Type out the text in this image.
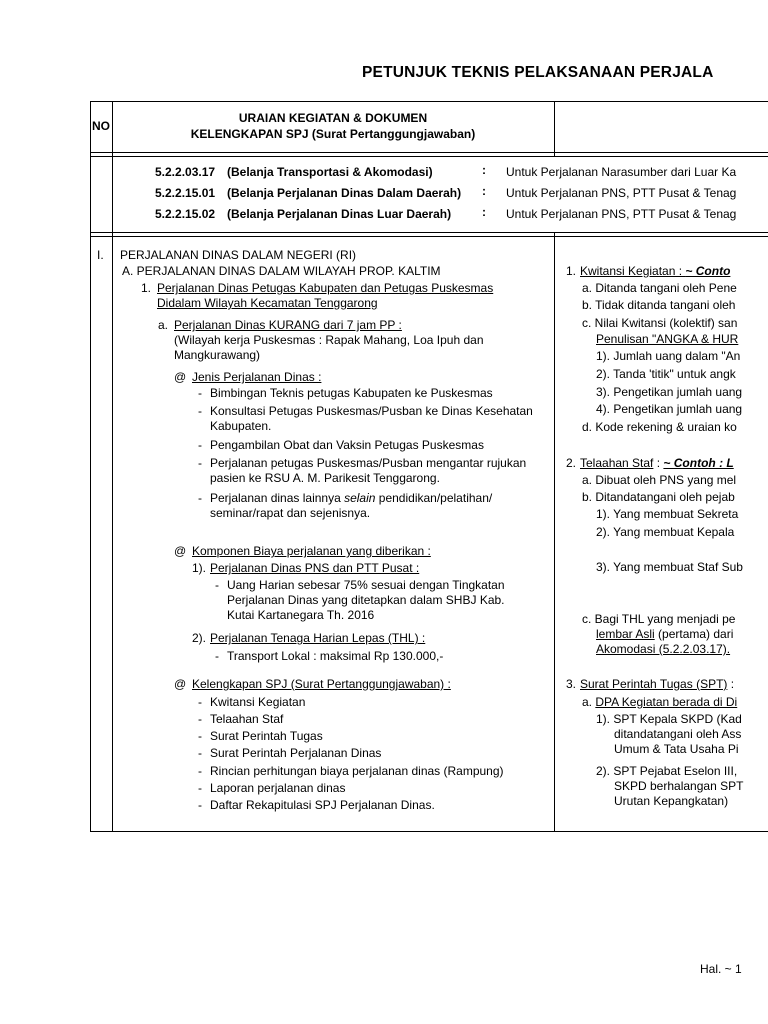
PETUNJUK TEKNIS PELAKSANAAN PERJALA
NO
URAIAN KEGIATAN & DOKUMEN
KELENGKAPAN SPJ (Surat Pertanggungjawaban)
5.2.2.03.17 (Belanja Transportasi & Akomodasi)	: Untuk Perjalanan Narasumber dari Luar Ka
5.2.2.15.01 (Belanja Perjalanan Dinas Dalam Daerah) : Untuk Perjalanan PNS, PTT Pusat & Tenag
5.2.2.15.02 (Belanja Perjalanan Dinas Luar Daerah)	: Untuk Perjalanan PNS, PTT Pusat & Tenag
I. PERJALANAN DINAS DALAM NEGERI (RI)
A. PERJALANAN DINAS DALAM WILAYAH PROP. KALTIM
1. Perjalanan Dinas Petugas Kabupaten dan Petugas Puskesmas
Didalam Wilayah Kecamatan Tenggarong
a. Perjalanan Dinas KURANG dari 7 jam PP :
(Wilayah kerja Puskesmas : Rapak Mahang, Loa Ipuh dan
Mangkurawang)
@ Jenis Perjalanan Dinas :
- Bimbingan Teknis petugas Kabupaten ke Puskesmas
- Konsultasi Petugas Puskesmas/Pusban ke Dinas Kesehatan
Kabupaten.
- Pengambilan Obat dan Vaksin Petugas Puskesmas
- Perjalanan petugas Puskesmas/Pusban mengantar rujukan
pasien ke RSU A. M. Parikesit Tenggarong.
- Perjalanan dinas lainnya selain pendidikan/pelatihan/
seminar/rapat dan sejenisnya.
@ Komponen Biaya perjalanan yang diberikan :
1). Perjalanan Dinas PNS dan PTT Pusat :
- Uang Harian sebesar 75% sesuai dengan Tingkatan
Perjalanan Dinas yang ditetapkan dalam SHBJ Kab.
Kutai Kartanegara Th. 2016
2). Perjalanan Tenaga Harian Lepas (THL) :
- Transport Lokal : maksimal Rp 130.000,-
@ Kelengkapan SPJ (Surat Pertanggungjawaban) :
- Kwitansi Kegiatan
- Telaahan Staf
- Surat Perintah Tugas
- Surat Perintah Perjalanan Dinas
- Rincian perhitungan biaya perjalanan dinas (Rampung)
- Laporan perjalanan dinas
- Daftar Rekapitulasi SPJ Perjalanan Dinas.
1. Kwitansi Kegiatan : ~ Conto
a. Ditanda tangani oleh Pene
b. Tidak ditanda tangani oleh
c. Nilai Kwitansi (kolektif) san
Penulisan "ANGKA & HUR
1). Jumlah uang dalam "An
2). Tanda 'titik" untuk angk
3). Pengetikan jumlah uang
4). Pengetikan jumlah uang
d. Kode rekening & uraian ko
2. Telaahan Staf : ~ Contoh : L
a. Dibuat oleh PNS yang mel
b. Ditandatangani oleh pejab
1). Yang membuat Sekreta
2). Yang membuat Kepala
3). Yang membuat Staf Sub
c. Bagi THL yang menjadi pe
lembar Asli (pertama) dari
Akomodasi (5.2.2.03.17).
3. Surat Perintah Tugas (SPT) :
a. DPA Kegiatan berada di Di
1). SPT Kepala SKPD (Kad
ditandatangani oleh Ass
Umum & Tata Usaha Pi
2). SPT Pejabat Eselon III,
SKPD berhalangan SPT
Urutan Kepangkatan)
Hal. ~ 1
